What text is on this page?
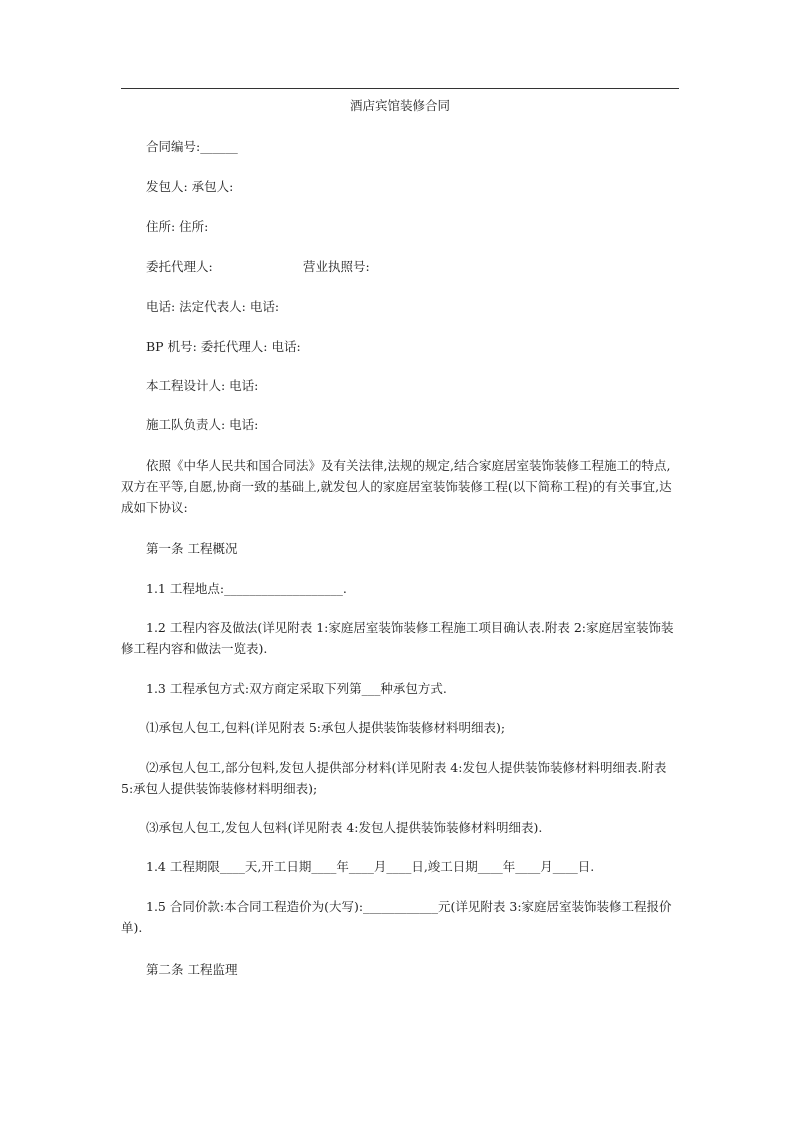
酒店宾馆装修合同
合同编号:______
发包人: 承包人:
住所: 住所:
委托代理人:	营业执照号:
电话: 法定代表人: 电话:
BP 机号: 委托代理人: 电话:
本工程设计人: 电话:
施工队负责人: 电话:
依照《中华人民共和国合同法》及有关法律,法规的规定,结合家庭居室装饰装修工程施工的特点,双方在平等,自愿,协商一致的基础上,就发包人的家庭居室装饰装修工程(以下简称工程)的有关事宜,达成如下协议:
第一条 工程概况
1.1 工程地点:___________________.
1.2 工程内容及做法(详见附表 1:家庭居室装饰装修工程施工项目确认表.附表 2:家庭居室装饰装修工程内容和做法一览表).
1.3 工程承包方式:双方商定采取下列第___种承包方式.
⑴承包人包工,包料(详见附表 5:承包人提供装饰装修材料明细表);
⑵承包人包工,部分包料,发包人提供部分材料(详见附表 4:发包人提供装饰装修材料明细表.附表 5:承包人提供装饰装修材料明细表);
⑶承包人包工,发包人包料(详见附表 4:发包人提供装饰装修材料明细表).
1.4 工程期限____天,开工日期____年____月____日,竣工日期____年____月____日.
1.5 合同价款:本合同工程造价为(大写):____________元(详见附表 3:家庭居室装饰装修工程报价单).
第二条 工程监理
